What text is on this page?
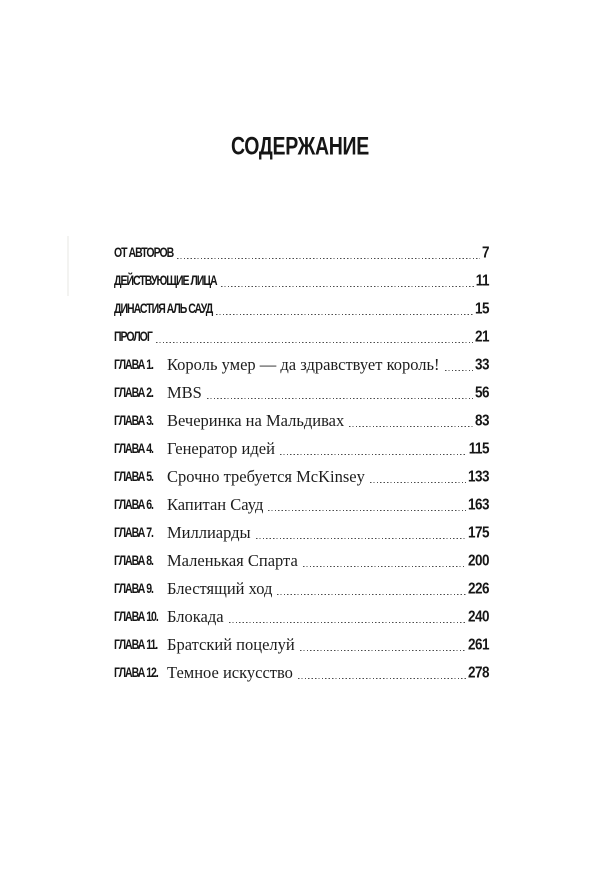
СОДЕРЖАНИЕ
ОТ АВТОРОВ	7
ДЕЙСТВУЮЩИЕ ЛИЦА	11
ДИНАСТИЯ АЛЬ САУД	15
ПРОЛОГ	21
ГЛАВА 1. Король умер — да здравствует король!	33
ГЛАВА 2. MBS	56
ГЛАВА 3. Вечеринка на Мальдивах	83
ГЛАВА 4. Генератор идей	115
ГЛАВА 5. Срочно требуется McKinsey	133
ГЛАВА 6. Капитан Сауд	163
ГЛАВА 7. Миллиарды	175
ГЛАВА 8. Маленькая Спарта	200
ГЛАВА 9. Блестящий ход	226
ГЛАВА 10. Блокада	240
ГЛАВА 11. Братский поцелуй	261
ГЛАВА 12. Темное искусство	278
